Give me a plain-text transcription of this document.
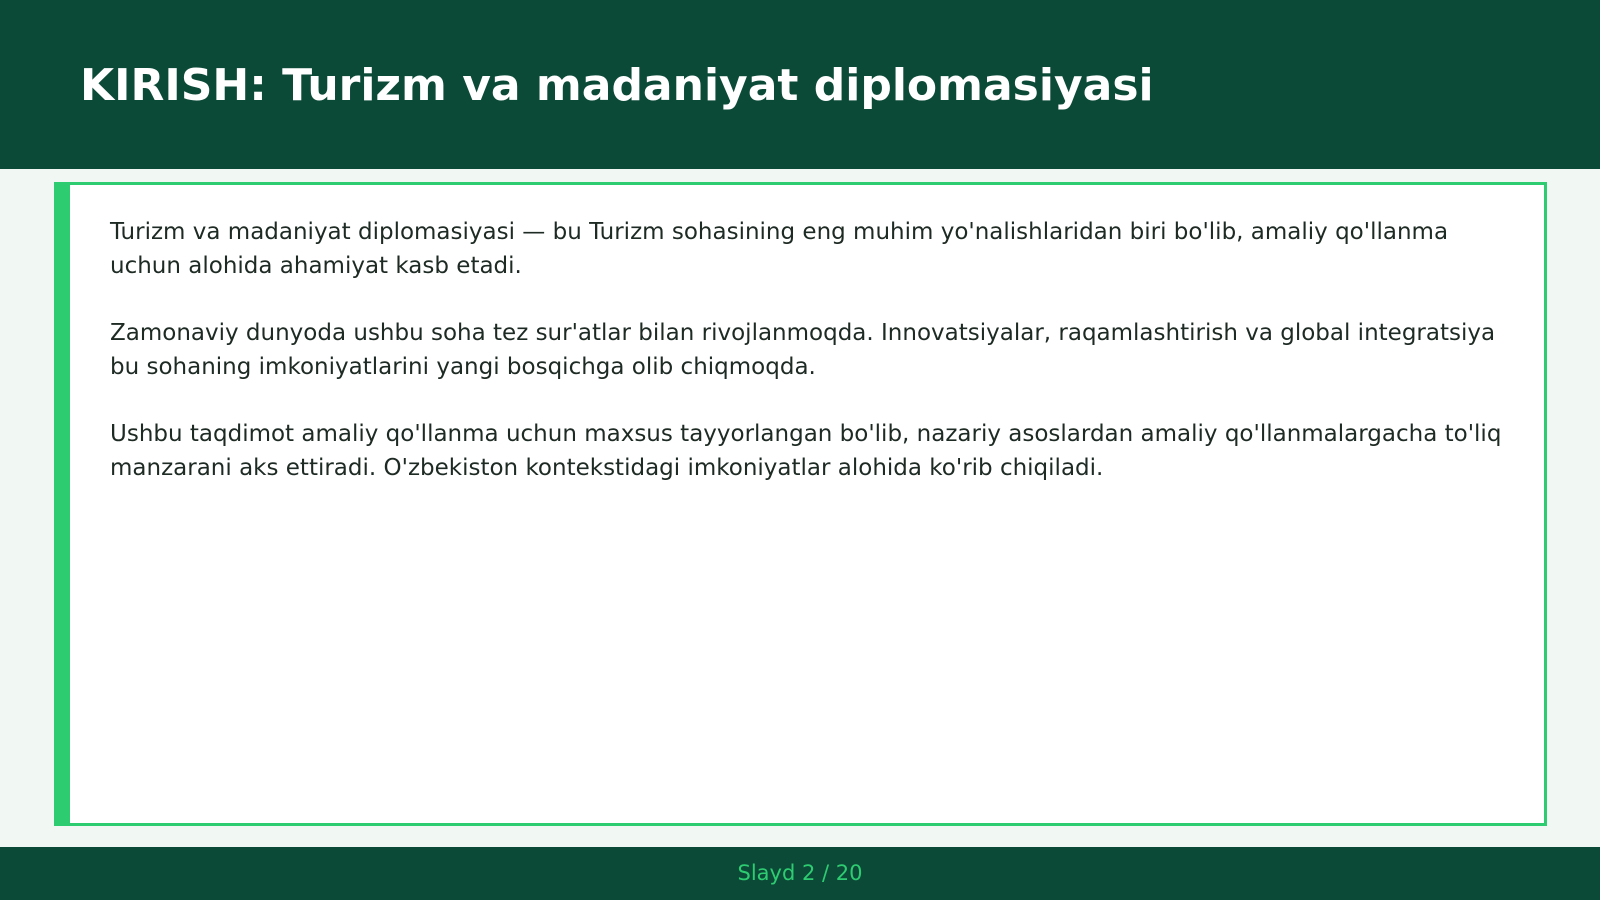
KIRISH: Turizm va madaniyat diplomasiyasi

Turizm va madaniyat diplomasiyasi — bu Turizm sohasining eng muhim yo'nalishlaridan biri bo'lib, amaliy qo'llanma uchun alohida ahamiyat kasb etadi.

Zamonaviy dunyoda ushbu soha tez sur'atlar bilan rivojlanmoqda. Innovatsiyalar, raqamlashtirish va global integratsiya bu sohaning imkoniyatlarini yangi bosqichga olib chiqmoqda.

Ushbu taqdimot amaliy qo'llanma uchun maxsus tayyorlangan bo'lib, nazariy asoslardan amaliy qo'llanmalargacha to'liq manzarani aks ettiradi. O'zbekiston kontekstidagi imkoniyatlar alohida ko'rib chiqiladi.

Slayd 2 / 20
